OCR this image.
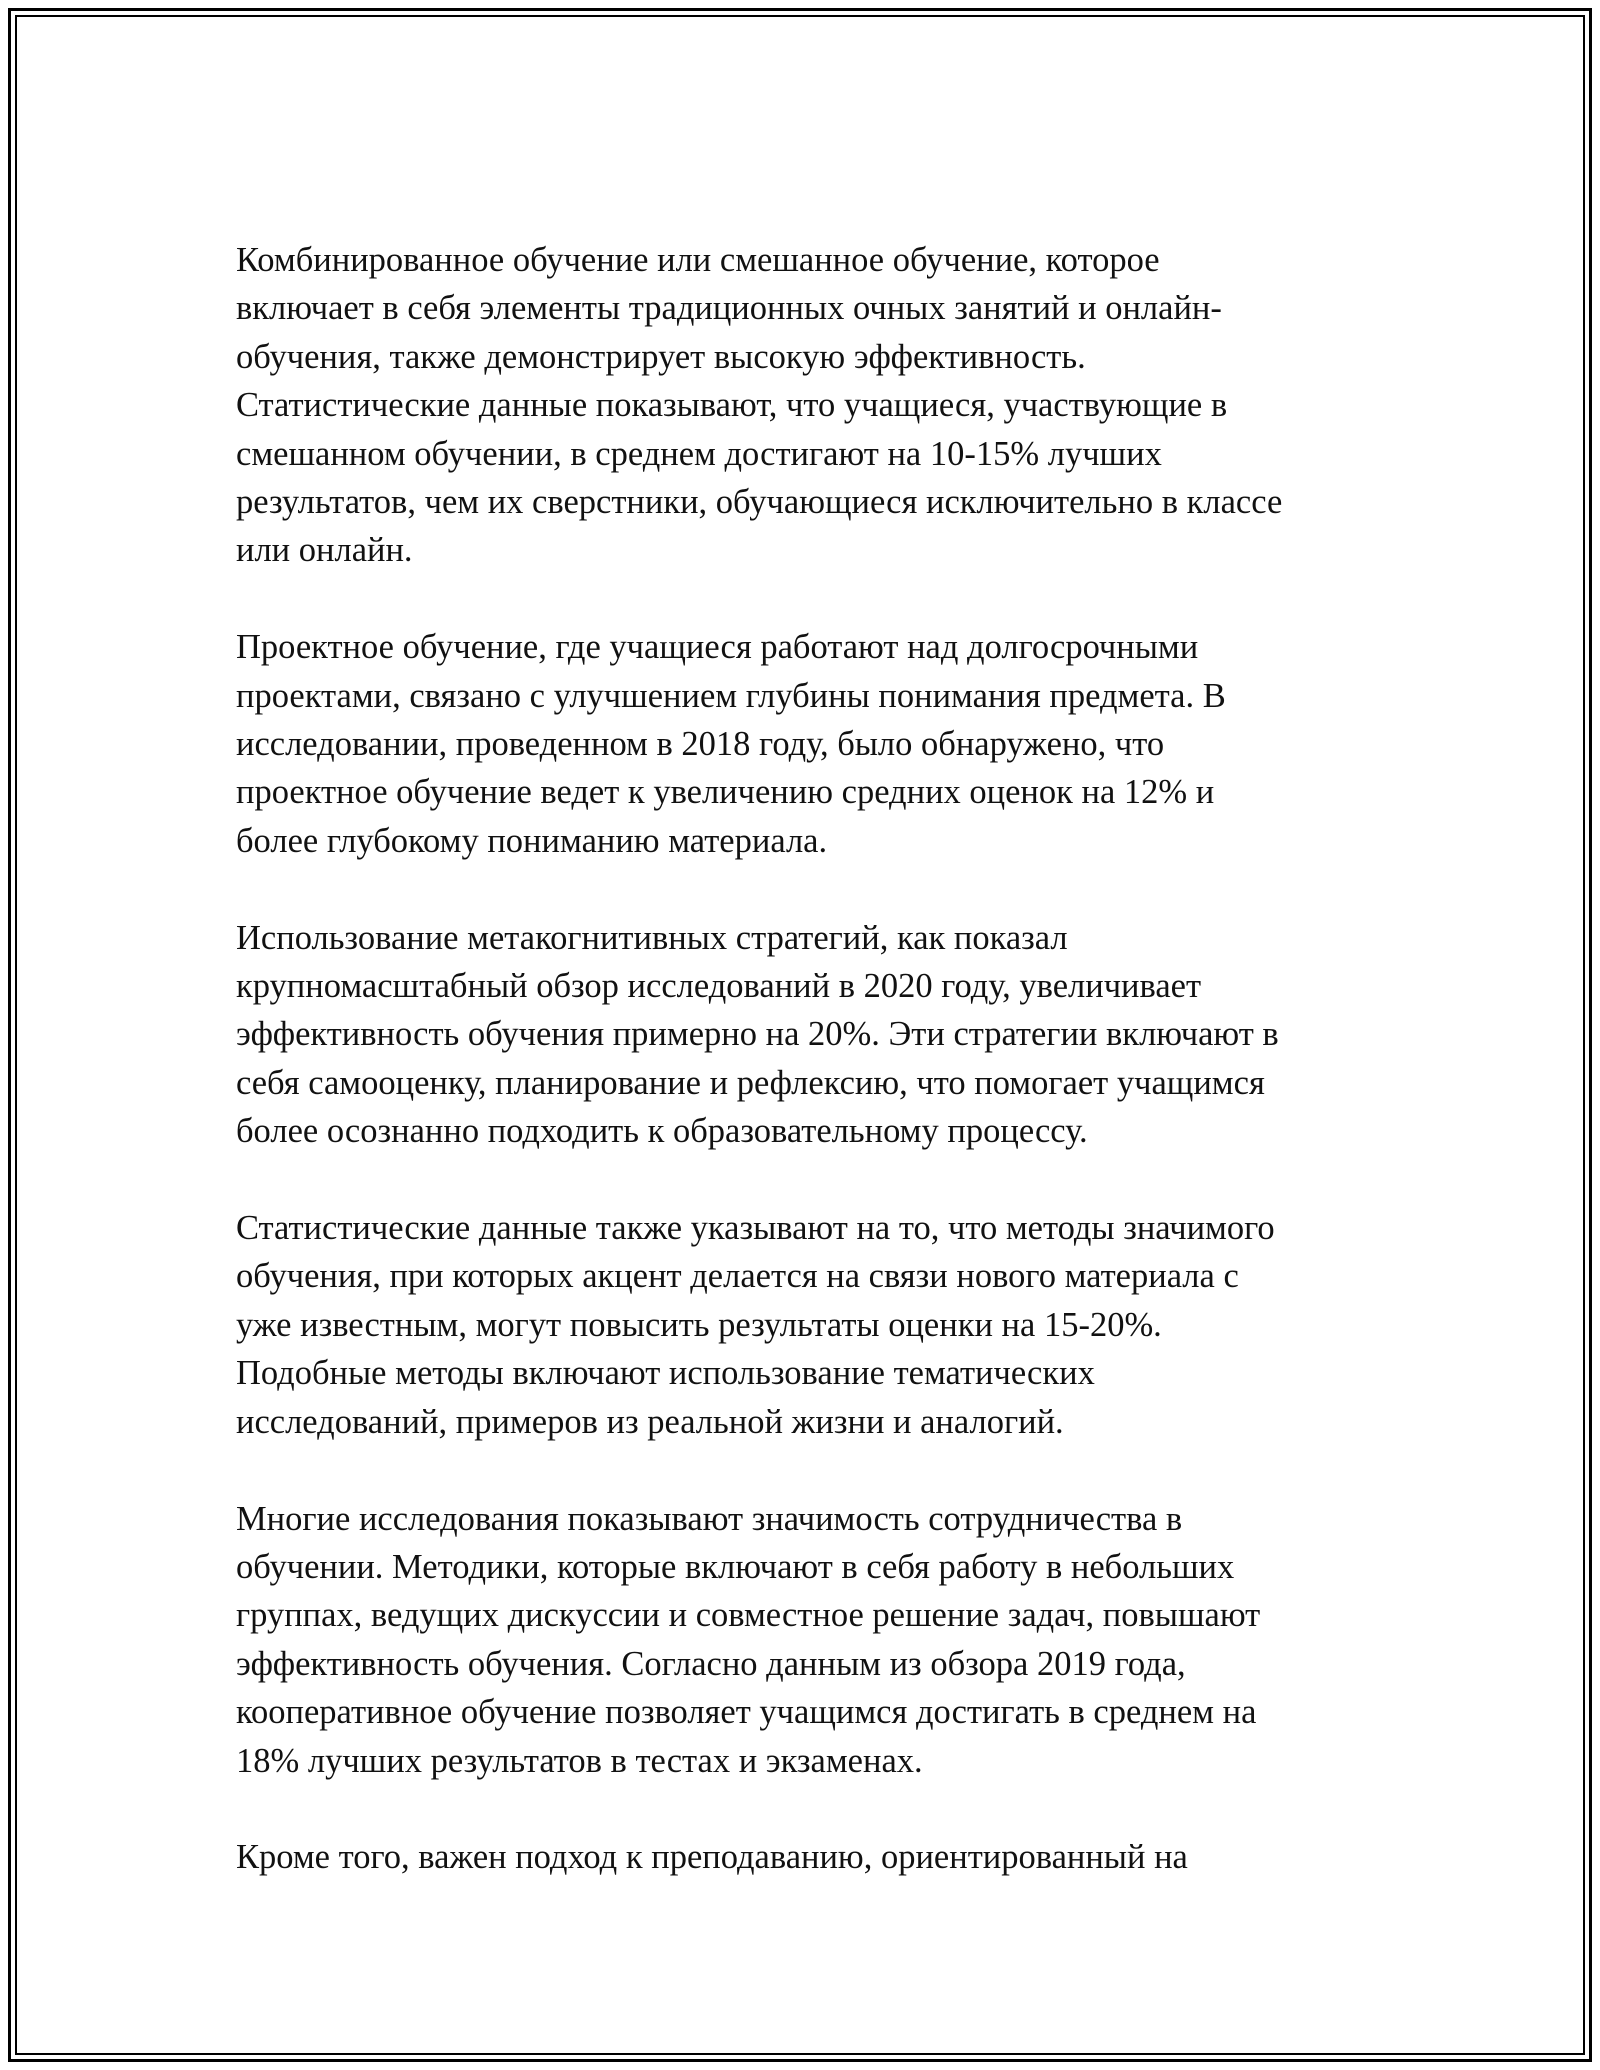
Комбинированное обучение или смешанное обучение, которое
включает в себя элементы традиционных очных занятий и онлайн-
обучения, также демонстрирует высокую эффективность.
Статистические данные показывают, что учащиеся, участвующие в
смешанном обучении, в среднем достигают на 10-15% лучших
результатов, чем их сверстники, обучающиеся исключительно в классе
или онлайн.

Проектное обучение, где учащиеся работают над долгосрочными
проектами, связано с улучшением глубины понимания предмета. В
исследовании, проведенном в 2018 году, было обнаружено, что
проектное обучение ведет к увеличению средних оценок на 12% и
более глубокому пониманию материала.

Использование метакогнитивных стратегий, как показал
крупномасштабный обзор исследований в 2020 году, увеличивает
эффективность обучения примерно на 20%. Эти стратегии включают в
себя самооценку, планирование и рефлексию, что помогает учащимся
более осознанно подходить к образовательному процессу.

Статистические данные также указывают на то, что методы значимого
обучения, при которых акцент делается на связи нового материала с
уже известным, могут повысить результаты оценки на 15-20%.
Подобные методы включают использование тематических
исследований, примеров из реальной жизни и аналогий.

Многие исследования показывают значимость сотрудничества в
обучении. Методики, которые включают в себя работу в небольших
группах, ведущих дискуссии и совместное решение задач, повышают
эффективность обучения. Согласно данным из обзора 2019 года,
кооперативное обучение позволяет учащимся достигать в среднем на
18% лучших результатов в тестах и экзаменах.

Кроме того, важен подход к преподаванию, ориентированный на
